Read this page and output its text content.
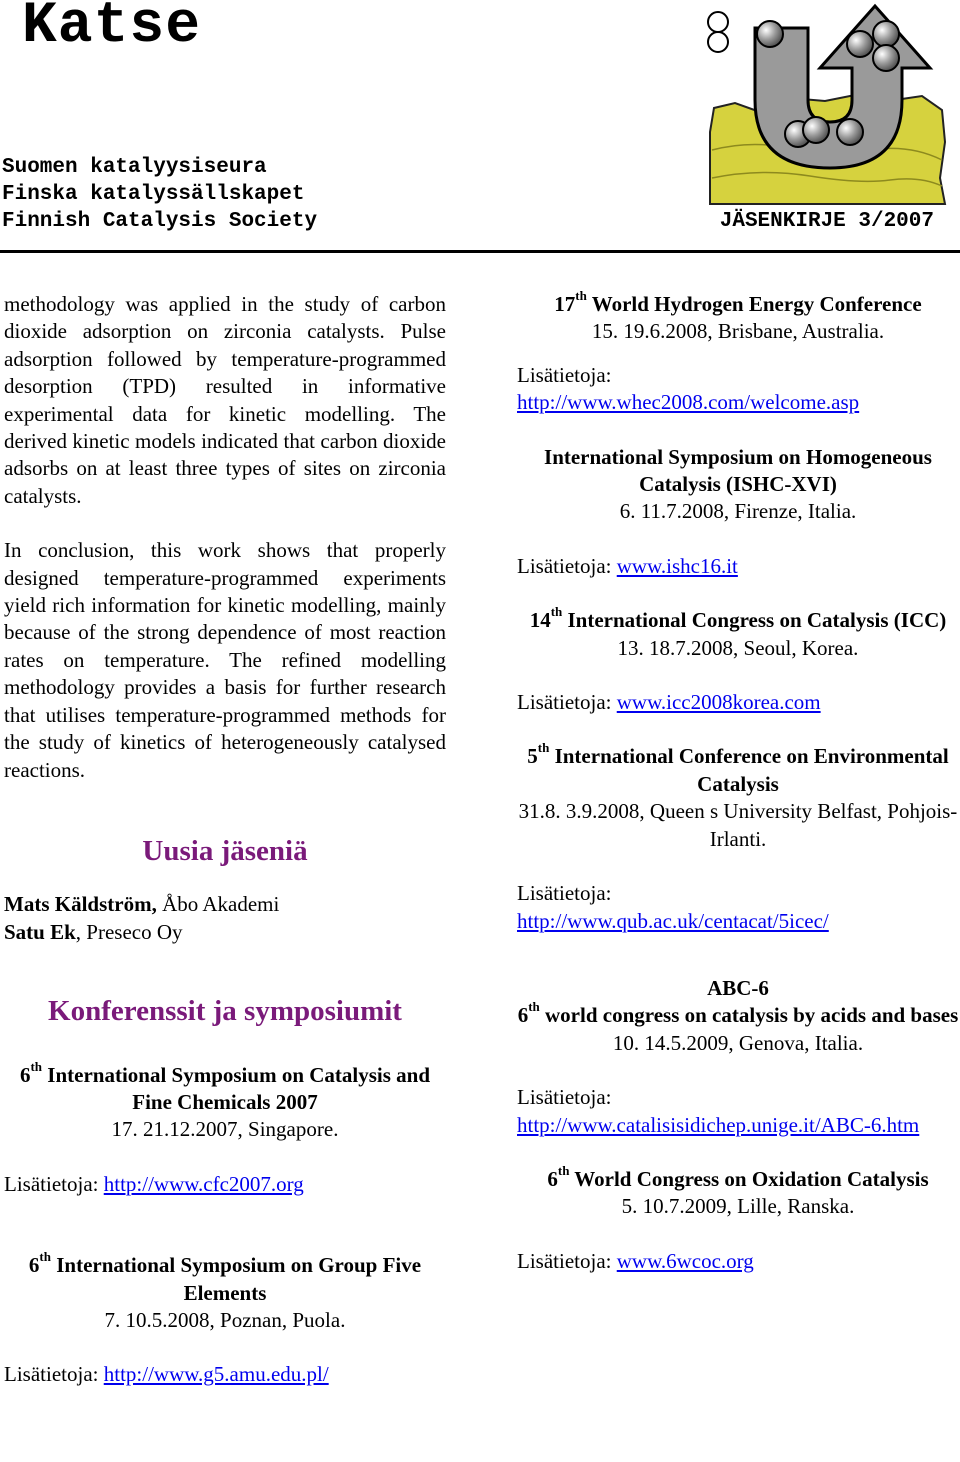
Katse
Suomen katalyysiseura
Finska katalyssällskapet
Finnish Catalysis Society	JÄSENKIRJE 3/2007

methodology was applied in the study of carbon dioxide adsorption on zirconia catalysts. Pulse adsorption followed by temperature-programmed desorption (TPD) resulted in informative experimental data for kinetic modelling. The derived kinetic models indicated that carbon dioxide adsorbs on at least three types of sites on zirconia catalysts.

In conclusion, this work shows that properly designed temperature-programmed experiments yield rich information for kinetic modelling, mainly because of the strong dependence of most reaction rates on temperature. The refined modelling methodology provides a basis for further research that utilises temperature-programmed methods for the study of kinetics of heterogeneously catalysed reactions.

Uusia jäseniä

Mats Käldström, Åbo Akademi

Satu Ek, Preseco Oy

Konferenssit ja symposiumit

6th International Symposium on Catalysis and Fine Chemicals 2007

17. 21.12.2007, Singapore.

Lisätietoja: http://www.cfc2007.org

6th International Symposium on Group Five Elements

7. 10.5.2008, Poznan, Puola.

Lisätietoja: http://www.g5.amu.edu.pl/

17th World Hydrogen Energy Conference

15. 19.6.2008, Brisbane, Australia.

Lisätietoja:

http://www.whec2008.com/welcome.asp

International Symposium on Homogeneous Catalysis (ISHC-XVI)

6. 11.7.2008, Firenze, Italia.

Lisätietoja: www.ishc16.it

14th International Congress on Catalysis (ICC)

13. 18.7.2008, Seoul, Korea.

Lisätietoja: www.icc2008korea.com

5th International Conference on Environmental Catalysis

31.8. 3.9.2008, Queen s University Belfast, Pohjois-Irlanti.

Lisätietoja:

http://www.qub.ac.uk/centacat/5icec/

ABC-6

6th world congress on catalysis by acids and bases

10. 14.5.2009, Genova, Italia.

Lisätietoja:

http://www.catalisisidichep.unige.it/ABC-6.htm

6th World Congress on Oxidation Catalysis

5. 10.7.2009, Lille, Ranska.

Lisätietoja: www.6wcoc.org
